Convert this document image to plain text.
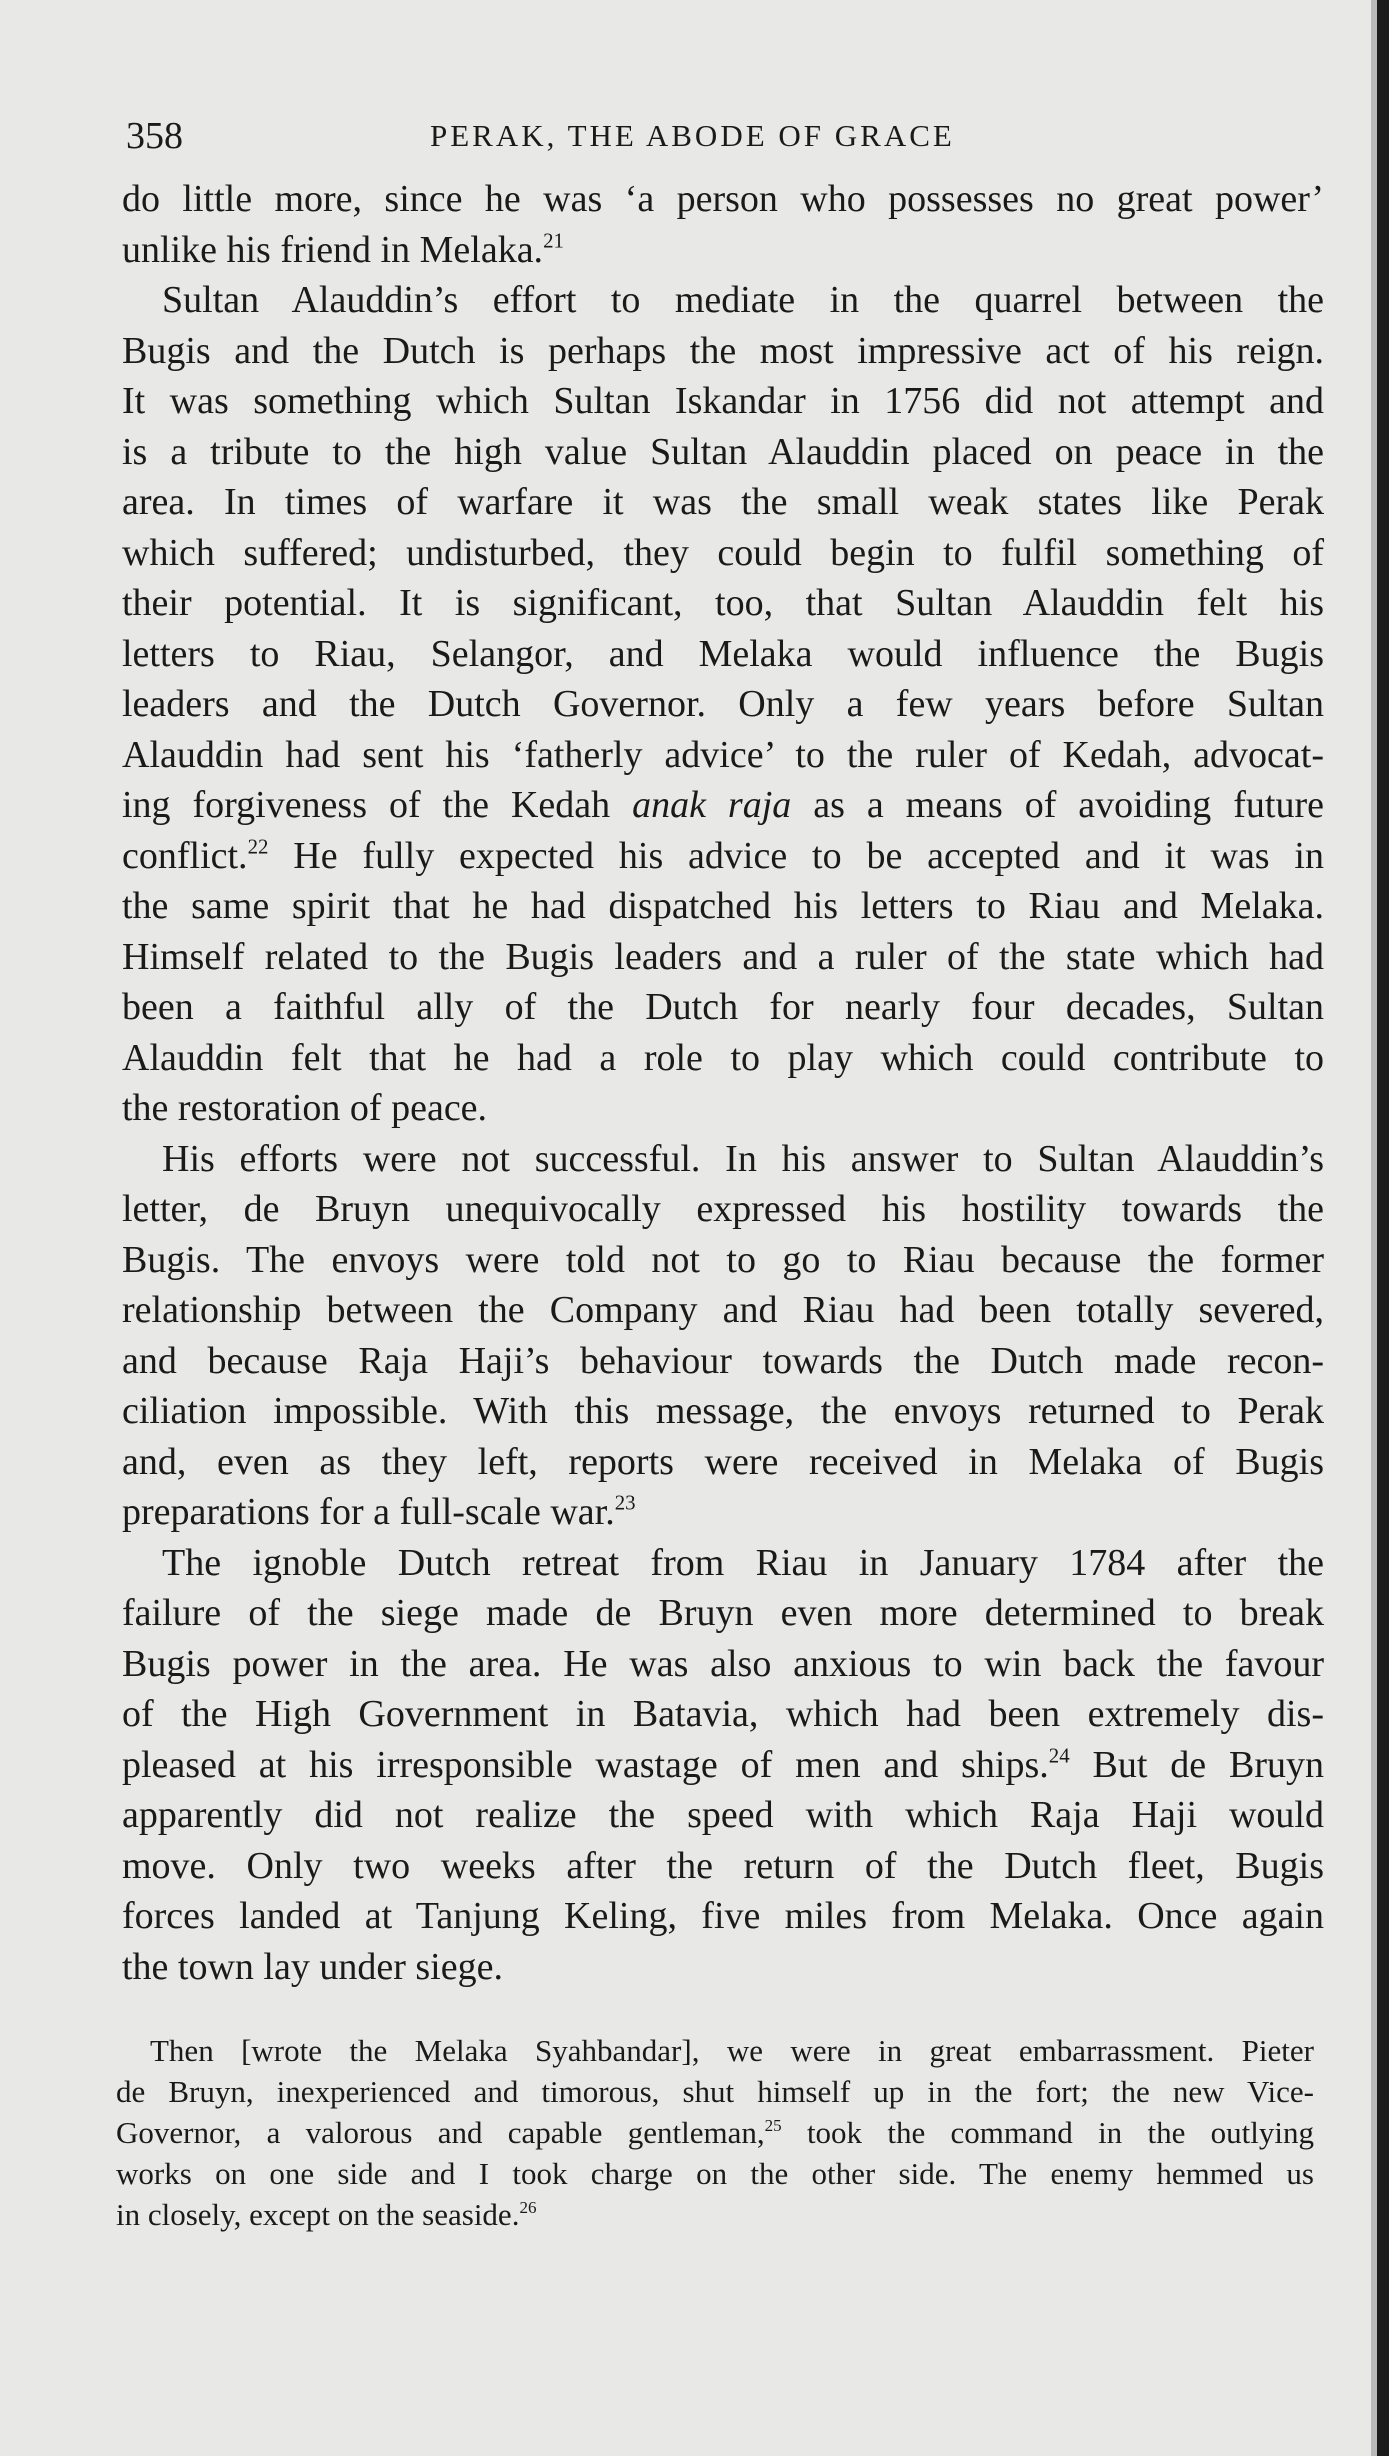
358	PERAK, THE ABODE OF GRACE
do little more, since he was ‘a person who possesses no great power’
unlike his friend in Melaka.$^{21}$
Sultan Alauddin’s effort to mediate in the quarrel between the
Bugis and the Dutch is perhaps the most impressive act of his reign.
It was something which Sultan Iskandar in 1756 did not attempt and
is a tribute to the high value Sultan Alauddin placed on peace in the
area. In times of warfare it was the small weak states like Perak
which suffered; undisturbed, they could begin to fulfil something of
their potential. It is significant, too, that Sultan Alauddin felt his
letters to Riau, Selangor, and Melaka would influence the Bugis
leaders and the Dutch Governor. Only a few years before Sultan
Alauddin had sent his ‘fatherly advice’ to the ruler of Kedah, advocat-
ing forgiveness of the Kedah anak raja as a means of avoiding future
conflict.$^{22}$ He fully expected his advice to be accepted and it was in
the same spirit that he had dispatched his letters to Riau and Melaka.
Himself related to the Bugis leaders and a ruler of the state which had
been a faithful ally of the Dutch for nearly four decades, Sultan
Alauddin felt that he had a role to play which could contribute to
the restoration of peace.
His efforts were not successful. In his answer to Sultan Alauddin’s
letter, de Bruyn unequivocally expressed his hostility towards the
Bugis. The envoys were told not to go to Riau because the former
relationship between the Company and Riau had been totally severed,
and because Raja Haji’s behaviour towards the Dutch made recon-
ciliation impossible. With this message, the envoys returned to Perak
and, even as they left, reports were received in Melaka of Bugis
preparations for a full-scale war.$^{23}$
The ignoble Dutch retreat from Riau in January 1784 after the
failure of the siege made de Bruyn even more determined to break
Bugis power in the area. He was also anxious to win back the favour
of the High Government in Batavia, which had been extremely dis-
pleased at his irresponsible wastage of men and ships.$^{24}$ But de Bruyn
apparently did not realize the speed with which Raja Haji would
move. Only two weeks after the return of the Dutch fleet, Bugis
forces landed at Tanjung Keling, five miles from Melaka. Once again
the town lay under siege.
Then [wrote the Melaka Syahbandar], we were in great embarrassment. Pieter
de Bruyn, inexperienced and timorous, shut himself up in the fort; the new Vice-
Governor, a valorous and capable gentleman,$^{25}$ took the command in the outlying
works on one side and I took charge on the other side. The enemy hemmed us
in closely, except on the seaside.$^{26}$
